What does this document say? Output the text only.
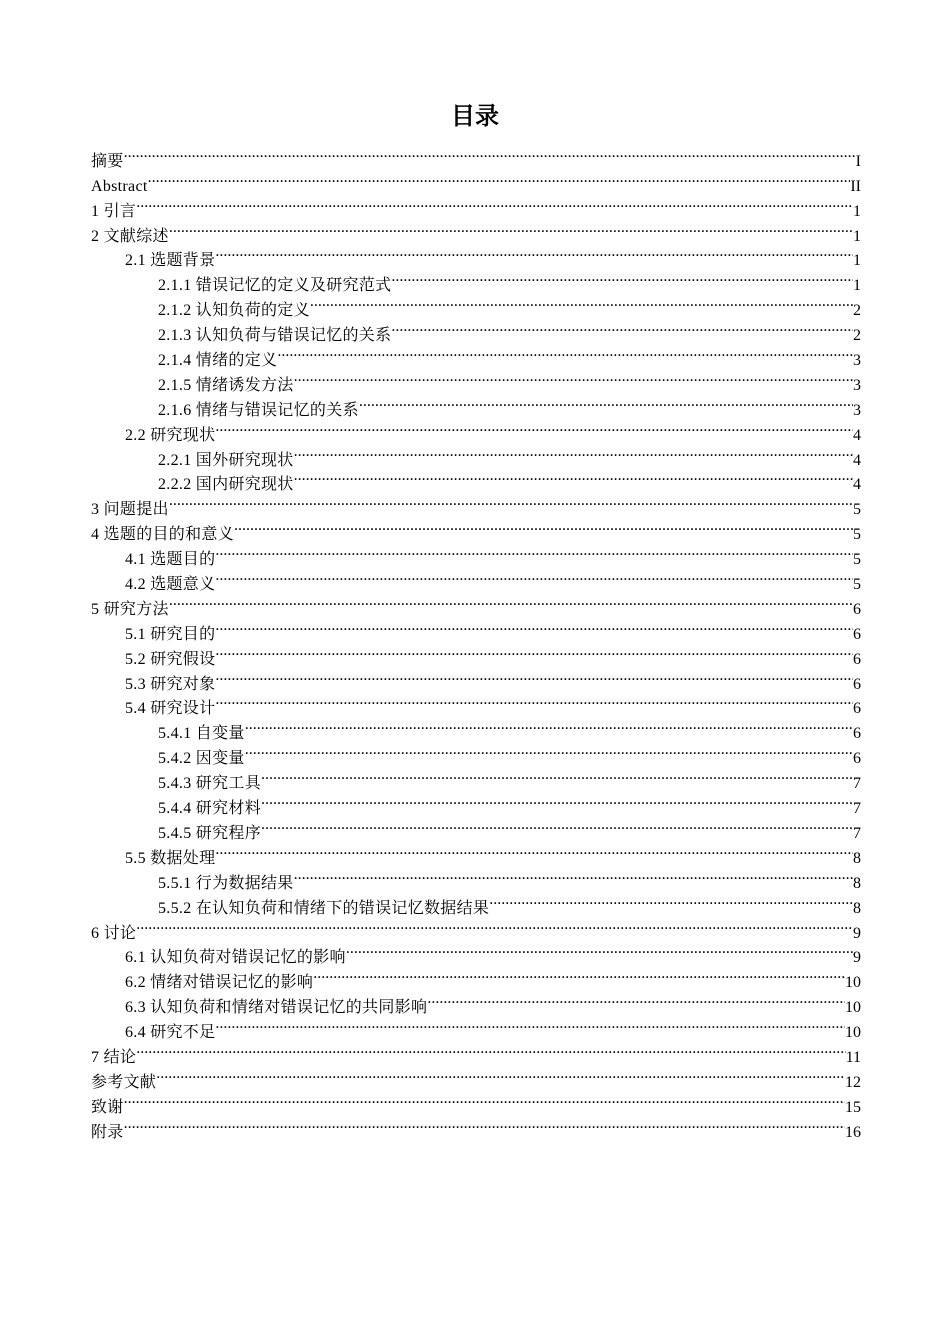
目录
摘要 .....	I
Abstract .....	II
1 引言 .....	1
2 文献综述 .....	1
2.1 选题背景 .....	1
2.1.1 错误记忆的定义及研究范式 .....	1
2.1.2 认知负荷的定义 .....	2
2.1.3 认知负荷与错误记忆的关系 .....	2
2.1.4 情绪的定义 .....	3
2.1.5 情绪诱发方法 .....	3
2.1.6 情绪与错误记忆的关系 .....	3
2.2 研究现状 .....	4
2.2.1 国外研究现状 .....	4
2.2.2 国内研究现状 .....	4
3 问题提出 .....	5
4 选题的目的和意义 .....	5
4.1 选题目的 .....	5
4.2 选题意义 .....	5
5 研究方法 .....	6
5.1 研究目的 .....	6
5.2 研究假设 .....	6
5.3 研究对象 .....	6
5.4 研究设计 .....	6
5.4.1 自变量 .....	6
5.4.2 因变量 .....	6
5.4.3 研究工具 .....	7
5.4.4 研究材料 .....	7
5.4.5 研究程序 .....	7
5.5 数据处理 .....	8
5.5.1 行为数据结果 .....	8
5.5.2 在认知负荷和情绪下的错误记忆数据结果 .....	8
6 讨论 .....	9
6.1 认知负荷对错误记忆的影响 .....	9
6.2 情绪对错误记忆的影响 .....	10
6.3 认知负荷和情绪对错误记忆的共同影响 .....	10
6.4 研究不足 .....	10
7 结论 .....	11
参考文献 .....	12
致谢 .....	15
附录 .....	16
